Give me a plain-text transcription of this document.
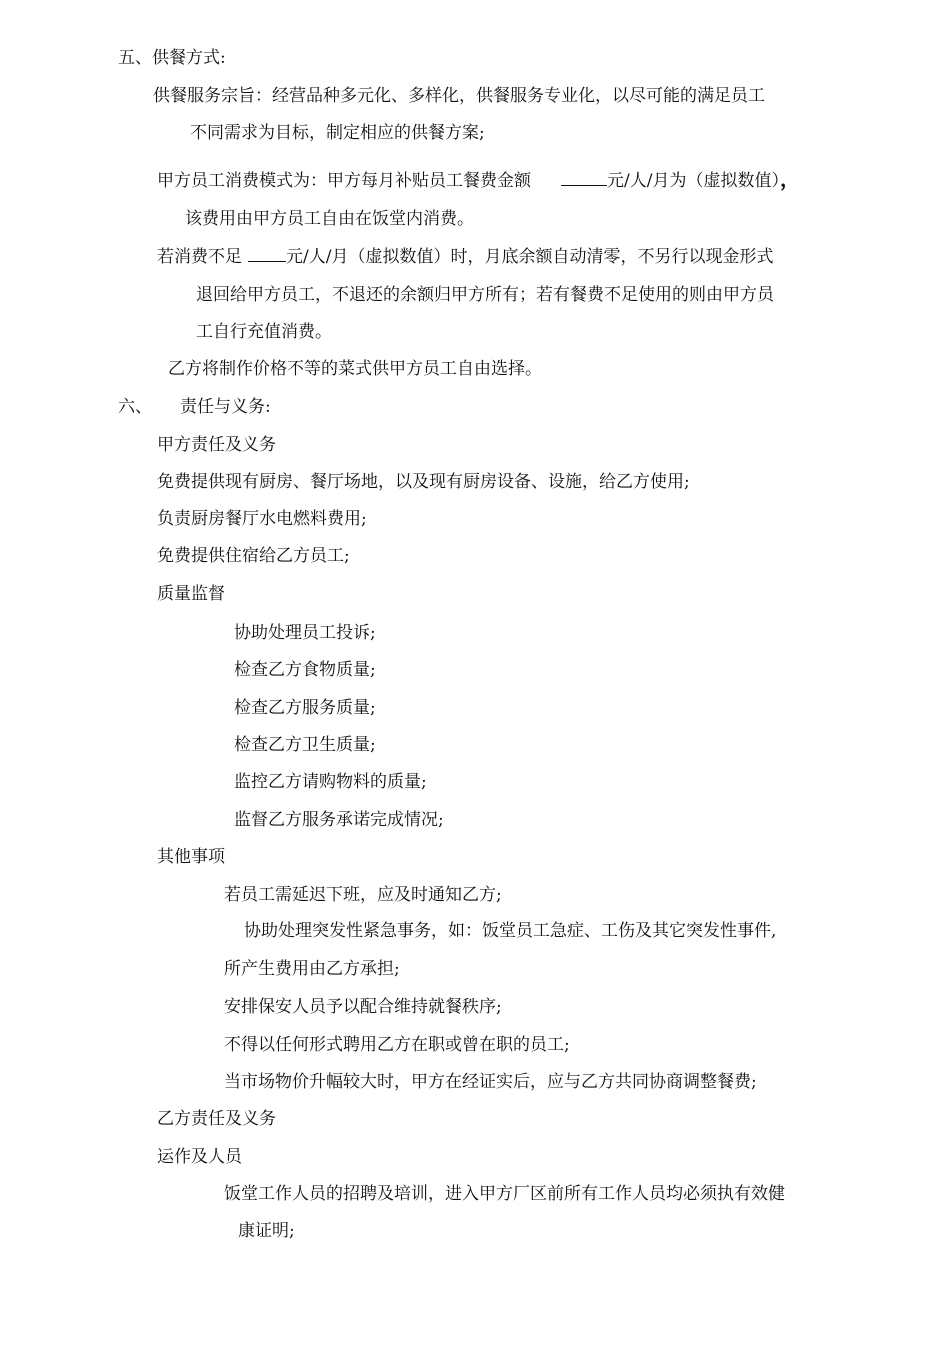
五、供餐方式:
供餐服务宗旨：经营品种多元化、多样化，供餐服务专业化，以尽可能的满足员工
不同需求为目标，制定相应的供餐方案;
甲方员工消费模式为：甲方每月补贴员工餐费金额	元/人/月为（虚拟数值），
该费用由甲方员工自由在饭堂内消费。
若消费不足	元/人/月（虚拟数值）时，月底余额自动清零，不另行以现金形式
退回给甲方员工，不退还的余额归甲方所有；若有餐费不足使用的则由甲方员
工自行充值消费。
乙方将制作价格不等的菜式供甲方员工自由选择。
六、 责任与义务:
甲方责任及义务
免费提供现有厨房、餐厅场地，以及现有厨房设备、设施，给乙方使用;
负责厨房餐厅水电燃料费用;
免费提供住宿给乙方员工;
质量监督
协助处理员工投诉;
检查乙方食物质量;
检查乙方服务质量;
检查乙方卫生质量;
监控乙方请购物料的质量;
监督乙方服务承诺完成情况;
其他事项
若员工需延迟下班，应及时通知乙方;
协助处理突发性紧急事务，如：饭堂员工急症、工伤及其它突发性事件,
所产生费用由乙方承担;
安排保安人员予以配合维持就餐秩序;
不得以任何形式聘用乙方在职或曾在职的员工;
当市场物价升幅较大时，甲方在经证实后，应与乙方共同协商调整餐费;
乙方责任及义务
运作及人员
饭堂工作人员的招聘及培训，进入甲方厂区前所有工作人员均必须执有效健
康证明;
